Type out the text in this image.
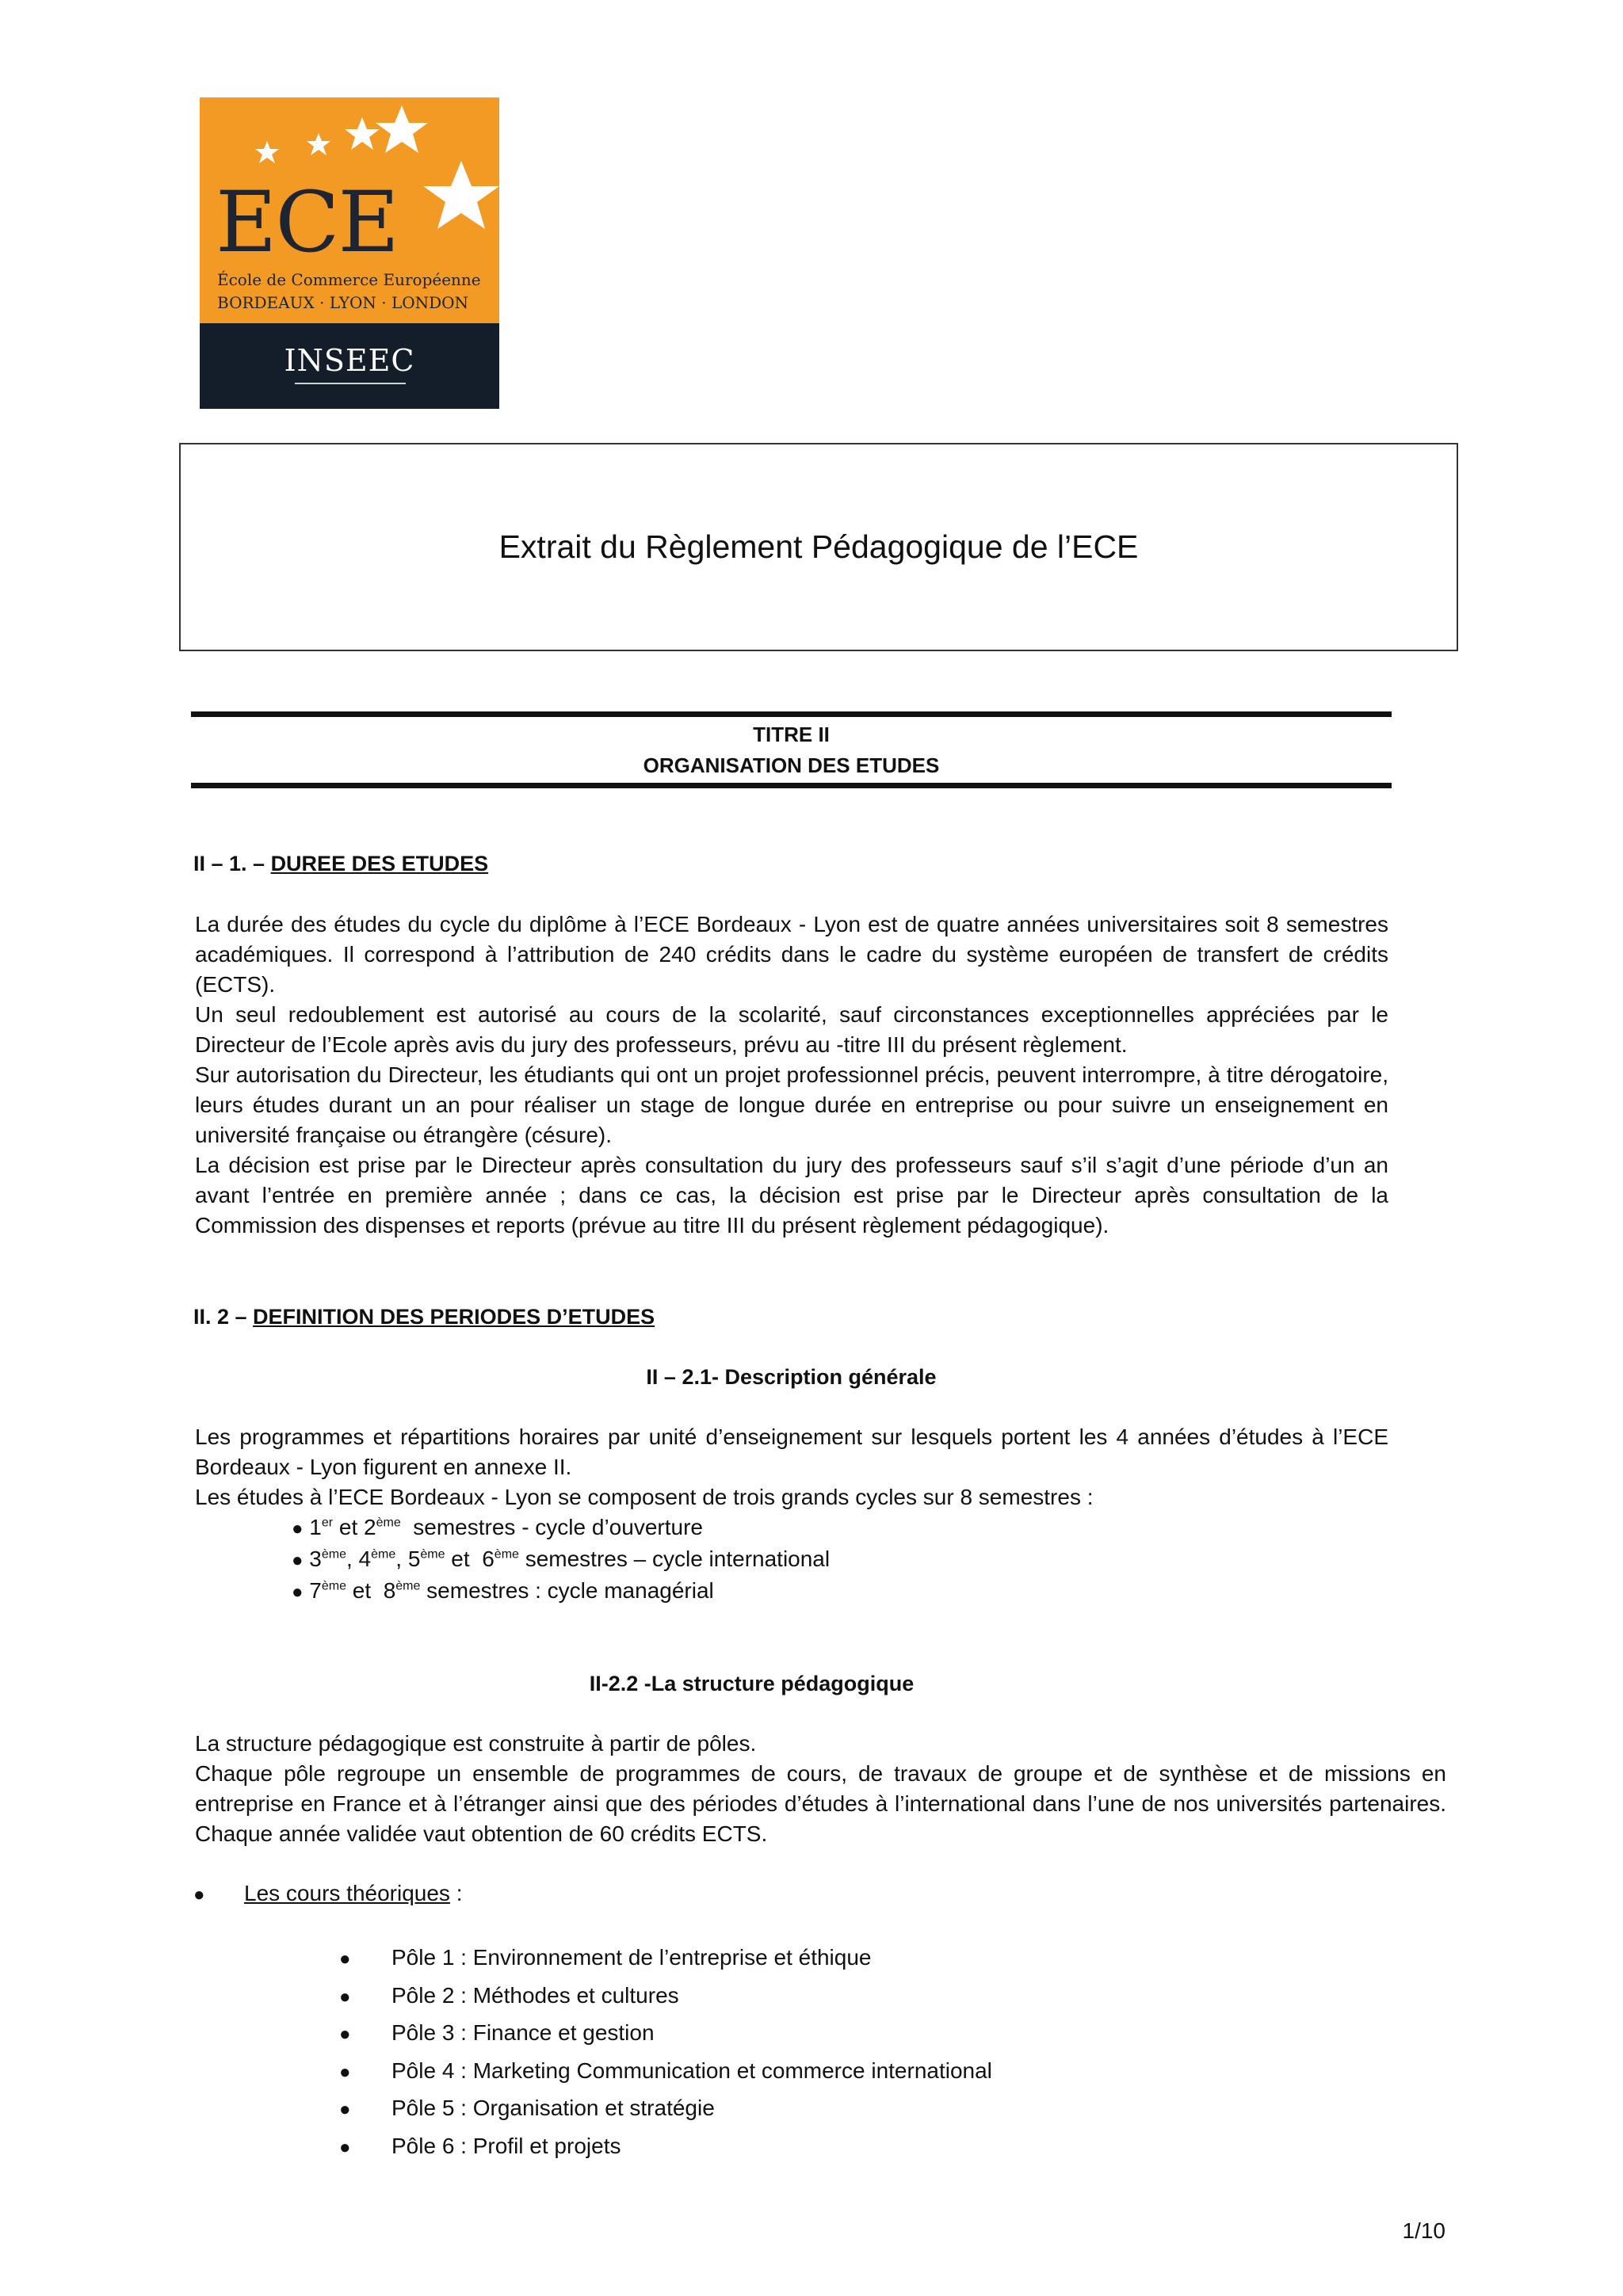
ECE
École de Commerce Européenne
BORDEAUX · LYON · LONDON
INSEEC
Extrait du Règlement Pédagogique de l’ECE
TITRE II
ORGANISATION DES ETUDES
II – 1. – DUREE DES ETUDES
La durée des études du cycle du diplôme à l’ECE Bordeaux - Lyon est de quatre années universitaires soit 8 semestres académiques. Il correspond à l’attribution de 240 crédits dans le cadre du système européen de transfert de crédits (ECTS).
Un seul redoublement est autorisé au cours de la scolarité, sauf circonstances exceptionnelles appréciées par le Directeur de l’Ecole après avis du jury des professeurs, prévu au -titre III du présent règlement.
Sur autorisation du Directeur, les étudiants qui ont un projet professionnel précis, peuvent interrompre, à titre dérogatoire, leurs études durant un an pour réaliser un stage de longue durée en entreprise ou pour suivre un enseignement en université française ou étrangère (césure).
La décision est prise par le Directeur après consultation du jury des professeurs sauf s’il s’agit d’une période d’un an avant l’entrée en première année ; dans ce cas, la décision est prise par le Directeur après consultation de la Commission des dispenses et reports (prévue au titre III du présent règlement pédagogique).
II. 2 – DEFINITION DES PERIODES D’ETUDES
II – 2.1- Description générale
Les programmes et répartitions horaires par unité d’enseignement sur lesquels portent les 4 années d’études à l’ECE Bordeaux - Lyon figurent en annexe II.
Les études à l’ECE Bordeaux - Lyon se composent de trois grands cycles sur 8 semestres :
● 1er et 2ème  semestres - cycle d’ouverture
● 3ème, 4ème, 5ème et  6ème semestres – cycle international
● 7ème et  8ème semestres : cycle managérial
II-2.2 -La structure pédagogique
La structure pédagogique est construite à partir de pôles.
Chaque pôle regroupe un ensemble de programmes de cours, de travaux de groupe et de synthèse et de missions en entreprise en France et à l’étranger ainsi que des périodes d’études à l’international dans l’une de nos universités partenaires. Chaque année validée vaut obtention de 60 crédits ECTS.
● Les cours théoriques :
● Pôle 1 : Environnement de l’entreprise et éthique
● Pôle 2 : Méthodes et cultures
● Pôle 3 : Finance et gestion
● Pôle 4 : Marketing Communication et commerce international
● Pôle 5 : Organisation et stratégie
● Pôle 6 : Profil et projets
1/10
